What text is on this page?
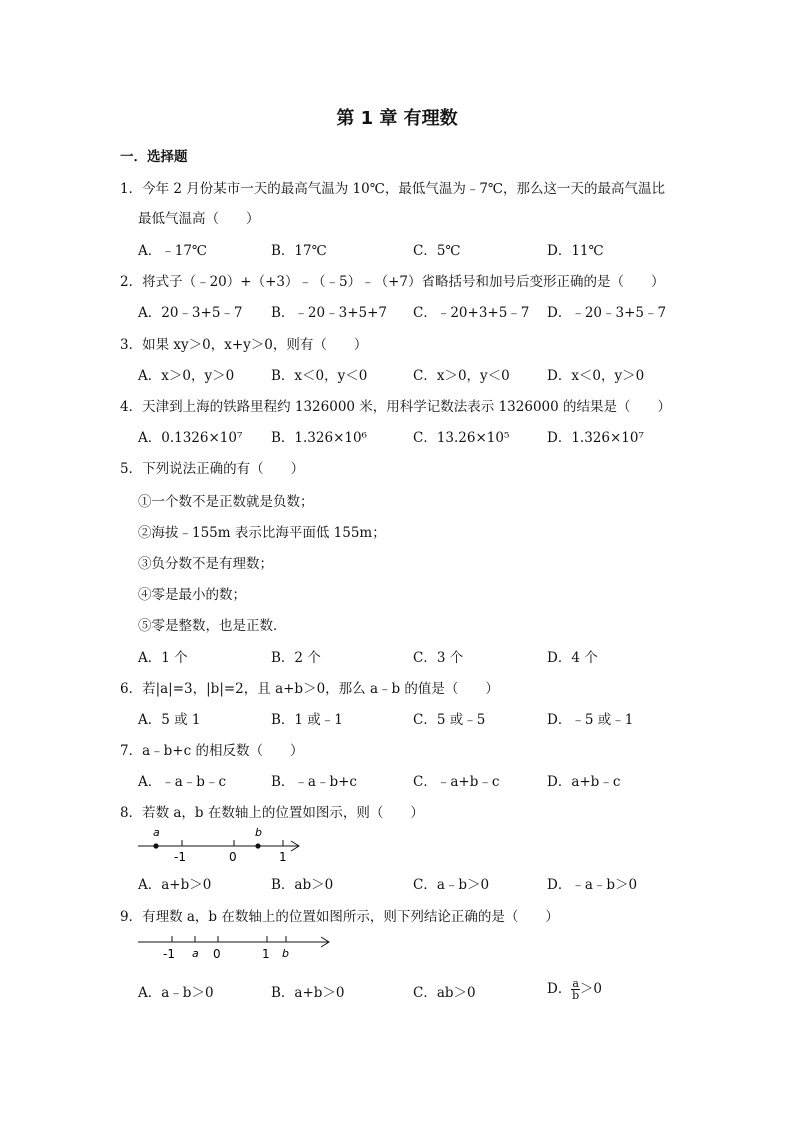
第 1 章 有理数
一．选择题
1．今年 2 月份某市一天的最高气温为 10℃，最低气温为﹣7℃，那么这一天的最高气温比
最低气温高（　　）
A．﹣17℃	B．17℃	C．5℃	D．11℃
2．将式子（﹣20）+（+3）﹣（﹣5）﹣（+7）省略括号和加号后变形正确的是（　　）
A．20﹣3+5﹣7 B．﹣20﹣3+5+7 C．﹣20+3+5﹣7 D．﹣20﹣3+5﹣7
3．如果 xy＞0，x+y＞0，则有（　　）
A．x＞0，y＞0	B．x＜0，y＜0	C．x＞0，y＜0	D．x＜0，y＞0
4．天津到上海的铁路里程约 1326000 米，用科学记数法表示 1326000 的结果是（　　）
A．0.1326×10⁷ B．1.326×10⁶	C．13.26×10⁵	D．1.326×10⁷
5．下列说法正确的有（　　）
①一个数不是正数就是负数；
②海拔﹣155m 表示比海平面低 155m；
③负分数不是有理数；
④零是最小的数；
⑤零是整数，也是正数．
A．1 个	B．2 个	C．3 个	D．4 个
6．若|a|=3，|b|=2，且 a+b＞0，那么 a﹣b 的值是（　　）
A．5 或 1	B．1 或﹣1	C．5 或﹣5	D．﹣5 或﹣1
7．a﹣b+c 的相反数（　　）
A．﹣a﹣b﹣c	B．﹣a﹣b+c	C．﹣a+b﹣c	D．a+b﹣c
8．若数 a，b 在数轴上的位置如图示，则（　　）
a	b
-1	0	1
A．a+b＞0	B．ab＞0	C．a﹣b＞0	D．﹣a﹣b＞0
9．有理数 a，b 在数轴上的位置如图所示，则下列结论正确的是（　　）
-1 a 0	1 b
A．a﹣b＞0	B．a+b＞0	C．ab＞0	D． $\frac{a}{b} >0$
